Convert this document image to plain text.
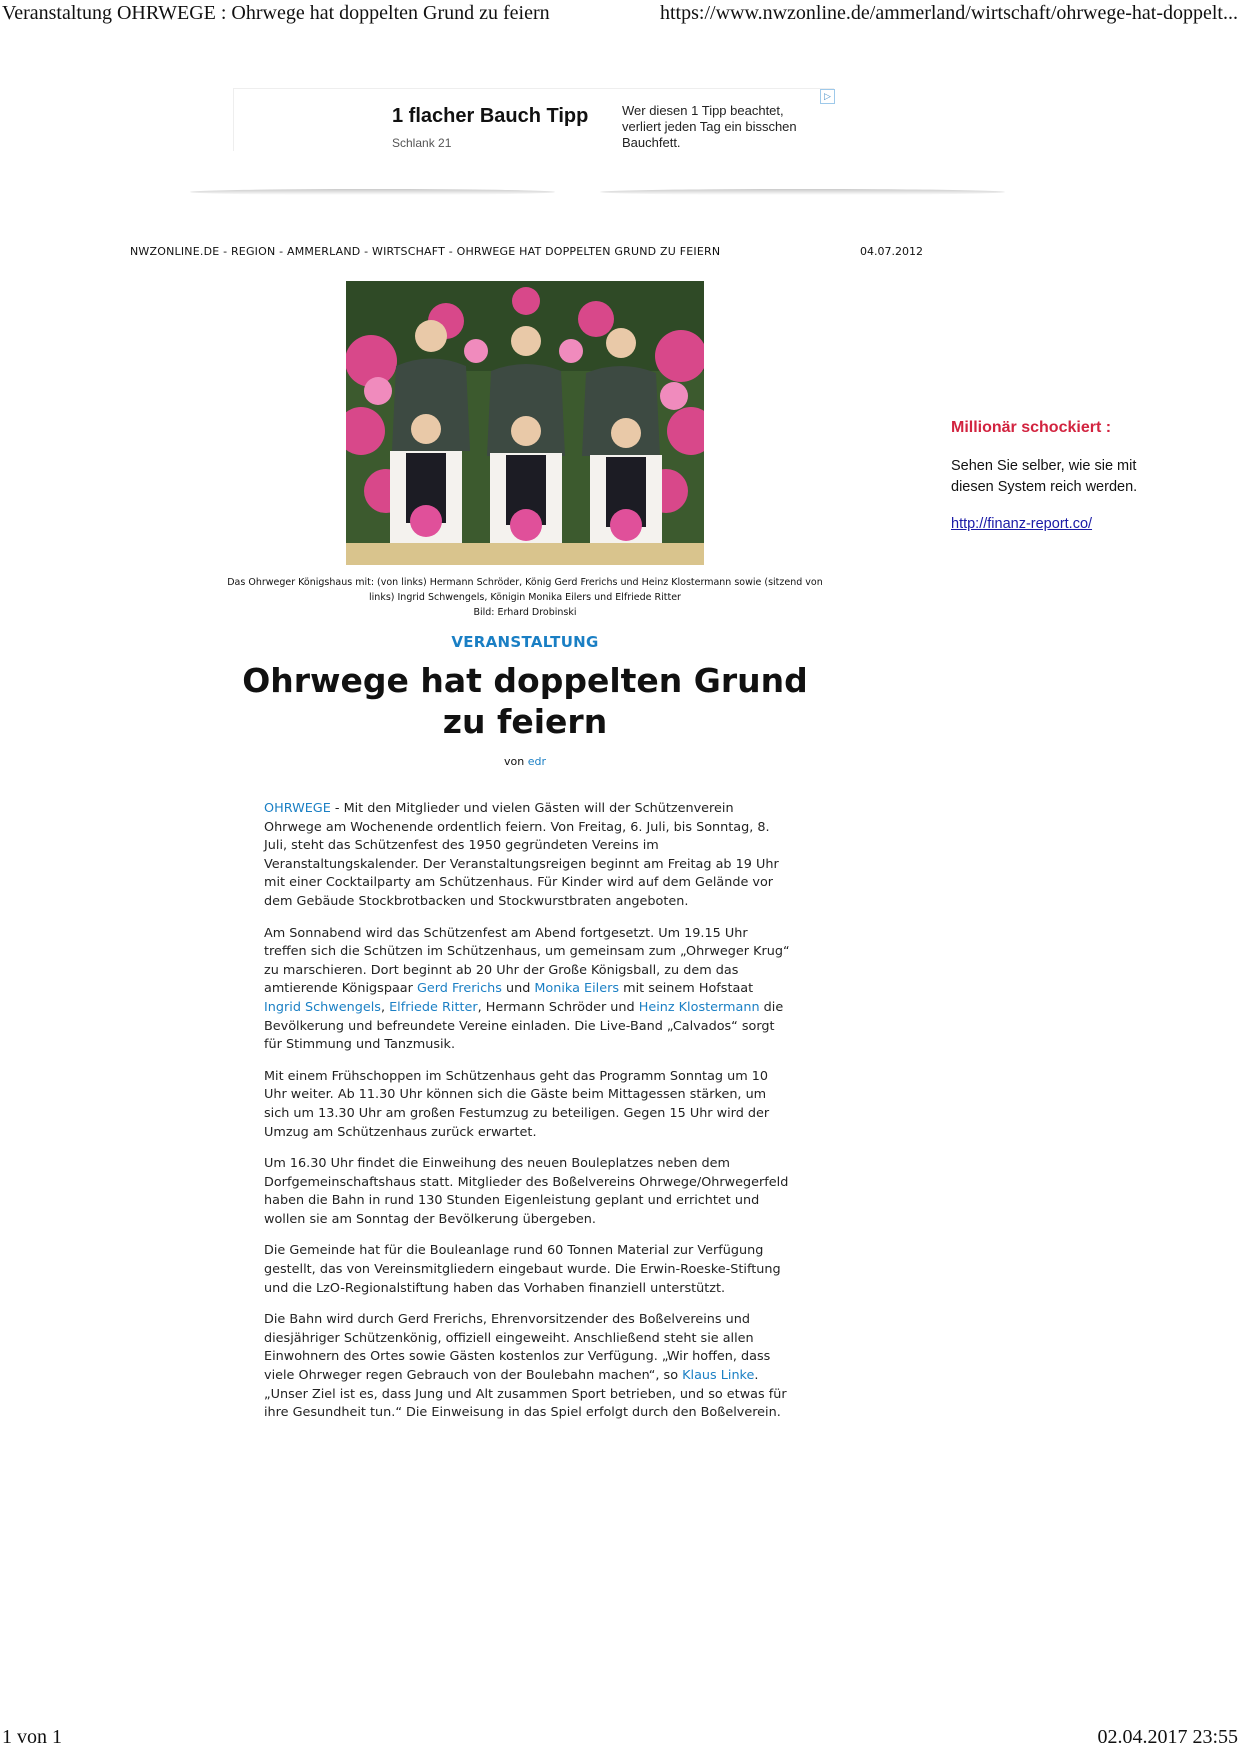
Veranstaltung OHRWEGE : Ohrwege hat doppelten Grund zu feiern	https://www.nwzonline.de/ammerland/wirtschaft/ohrwege-hat-doppelt...
1 flacher Bauch Tipp
Schlank 21
Wer diesen 1 Tipp beachtet, verliert jeden Tag ein bisschen Bauchfett.
▷
NWZONLINE.DE - REGION - AMMERLAND - WIRTSCHAFT - OHRWEGE HAT DOPPELTEN GRUND ZU FEIERN	04.07.2012
Das Ohrweger Königshaus mit: (von links) Hermann Schröder, König Gerd Frerichs und Heinz Klostermann sowie (sitzend von
links) Ingrid Schwengels, Königin Monika Eilers und Elfriede Ritter
Bild: Erhard Drobinski
VERANSTALTUNG
Ohrwege hat doppelten Grund zu feiern
von edr

OHRWEGE - Mit den Mitglieder und vielen Gästen will der Schützenverein Ohrwege am Wochenende ordentlich feiern. Von Freitag, 6. Juli, bis Sonntag, 8. Juli, steht das Schützenfest des 1950 gegründeten Vereins im Veranstaltungskalender. Der Veranstaltungsreigen beginnt am Freitag ab 19 Uhr mit einer Cocktailparty am Schützenhaus. Für Kinder wird auf dem Gelände vor dem Gebäude Stockbrotbacken und Stockwurstbraten angeboten.

Am Sonnabend wird das Schützenfest am Abend fortgesetzt. Um 19.15 Uhr treffen sich die Schützen im Schützenhaus, um gemeinsam zum „Ohrweger Krug“ zu marschieren. Dort beginnt ab 20 Uhr der Große Königsball, zu dem das amtierende Königspaar Gerd Frerichs und Monika Eilers mit seinem Hofstaat Ingrid Schwengels, Elfriede Ritter, Hermann Schröder und Heinz Klostermann die Bevölkerung und befreundete Vereine einladen. Die Live-Band „Calvados“ sorgt für Stimmung und Tanzmusik.

Mit einem Frühschoppen im Schützenhaus geht das Programm Sonntag um 10 Uhr weiter. Ab 11.30 Uhr können sich die Gäste beim Mittagessen stärken, um sich um 13.30 Uhr am großen Festumzug zu beteiligen. Gegen 15 Uhr wird der Umzug am Schützenhaus zurück erwartet.

Um 16.30 Uhr findet die Einweihung des neuen Bouleplatzes neben dem Dorfgemeinschaftshaus statt. Mitglieder des Boßelvereins Ohrwege/Ohrwegerfeld haben die Bahn in rund 130 Stunden Eigenleistung geplant und errichtet und wollen sie am Sonntag der Bevölkerung übergeben.

Die Gemeinde hat für die Bouleanlage rund 60 Tonnen Material zur Verfügung gestellt, das von Vereinsmitgliedern eingebaut wurde. Die Erwin-Roeske-Stiftung und die LzO-Regionalstiftung haben das Vorhaben finanziell unterstützt.

Die Bahn wird durch Gerd Frerichs, Ehrenvorsitzender des Boßelvereins und diesjähriger Schützenkönig, offiziell eingeweiht. Anschließend steht sie allen Einwohnern des Ortes sowie Gästen kostenlos zur Verfügung. „Wir hoffen, dass viele Ohrweger regen Gebrauch von der Boulebahn machen“, so Klaus Linke. „Unser Ziel ist es, dass Jung und Alt zusammen Sport betrieben, und so etwas für ihre Gesundheit tun.“ Die Einweisung in das Spiel erfolgt durch den Boßelverein.

Millionär schockiert :
Sehen Sie selber, wie sie mit diesen System reich werden.
http://finanz-report.co/
1 von 1	02.04.2017 23:55
